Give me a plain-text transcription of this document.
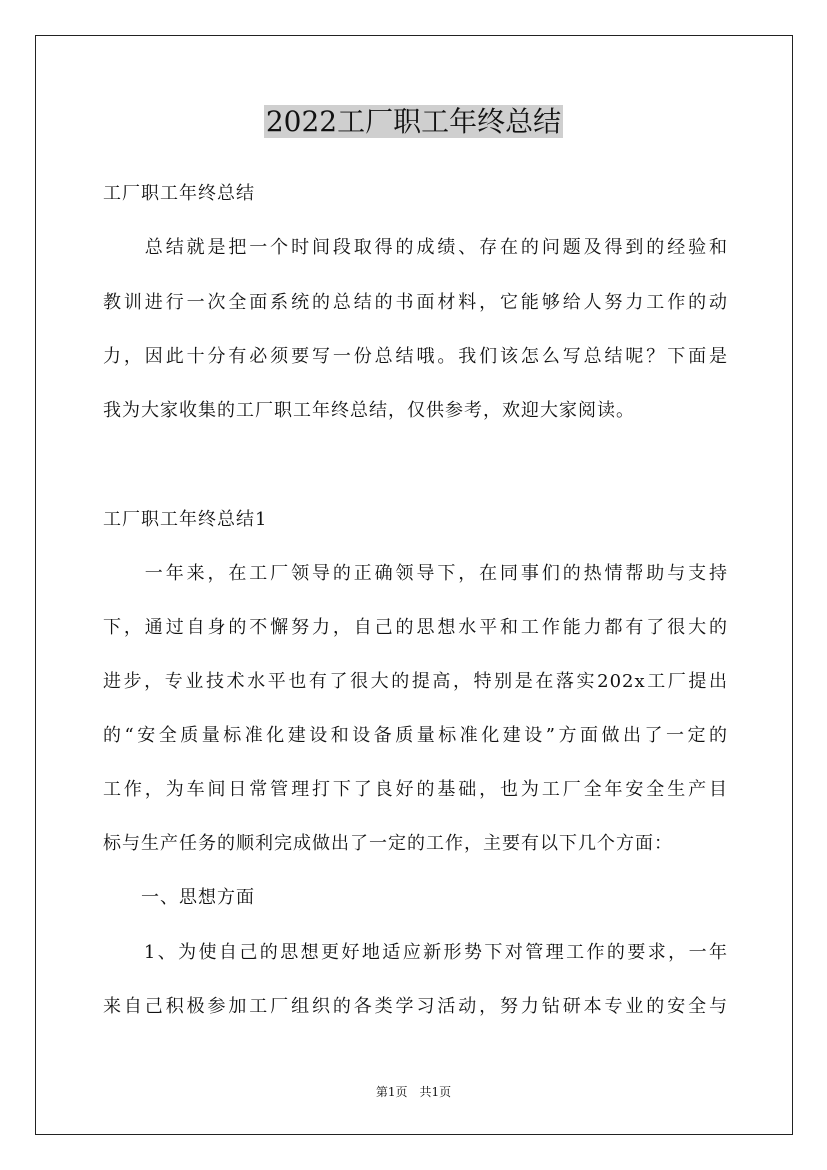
2022工厂职工年终总结

工厂职工年终总结

　　总结就是把一个时间段取得的成绩、存在的问题及得到的经验和

教训进行一次全面系统的总结的书面材料，它能够给人努力工作的动

力，因此十分有必须要写一份总结哦。我们该怎么写总结呢？下面是

我为大家收集的工厂职工年终总结，仅供参考，欢迎大家阅读。

工厂职工年终总结1

　　一年来，在工厂领导的正确领导下，在同事们的热情帮助与支持

下，通过自身的不懈努力，自己的思想水平和工作能力都有了很大的

进步，专业技术水平也有了很大的提高，特别是在落实202x工厂提出

的“安全质量标准化建设和设备质量标准化建设”方面做出了一定的

工作，为车间日常管理打下了良好的基础，也为工厂全年安全生产目

标与生产任务的顺利完成做出了一定的工作，主要有以下几个方面：

　　一、思想方面

　　1、为使自己的思想更好地适应新形势下对管理工作的要求，一年

来自己积极参加工厂组织的各类学习活动，努力钻研本专业的安全与

第1页　共1页
